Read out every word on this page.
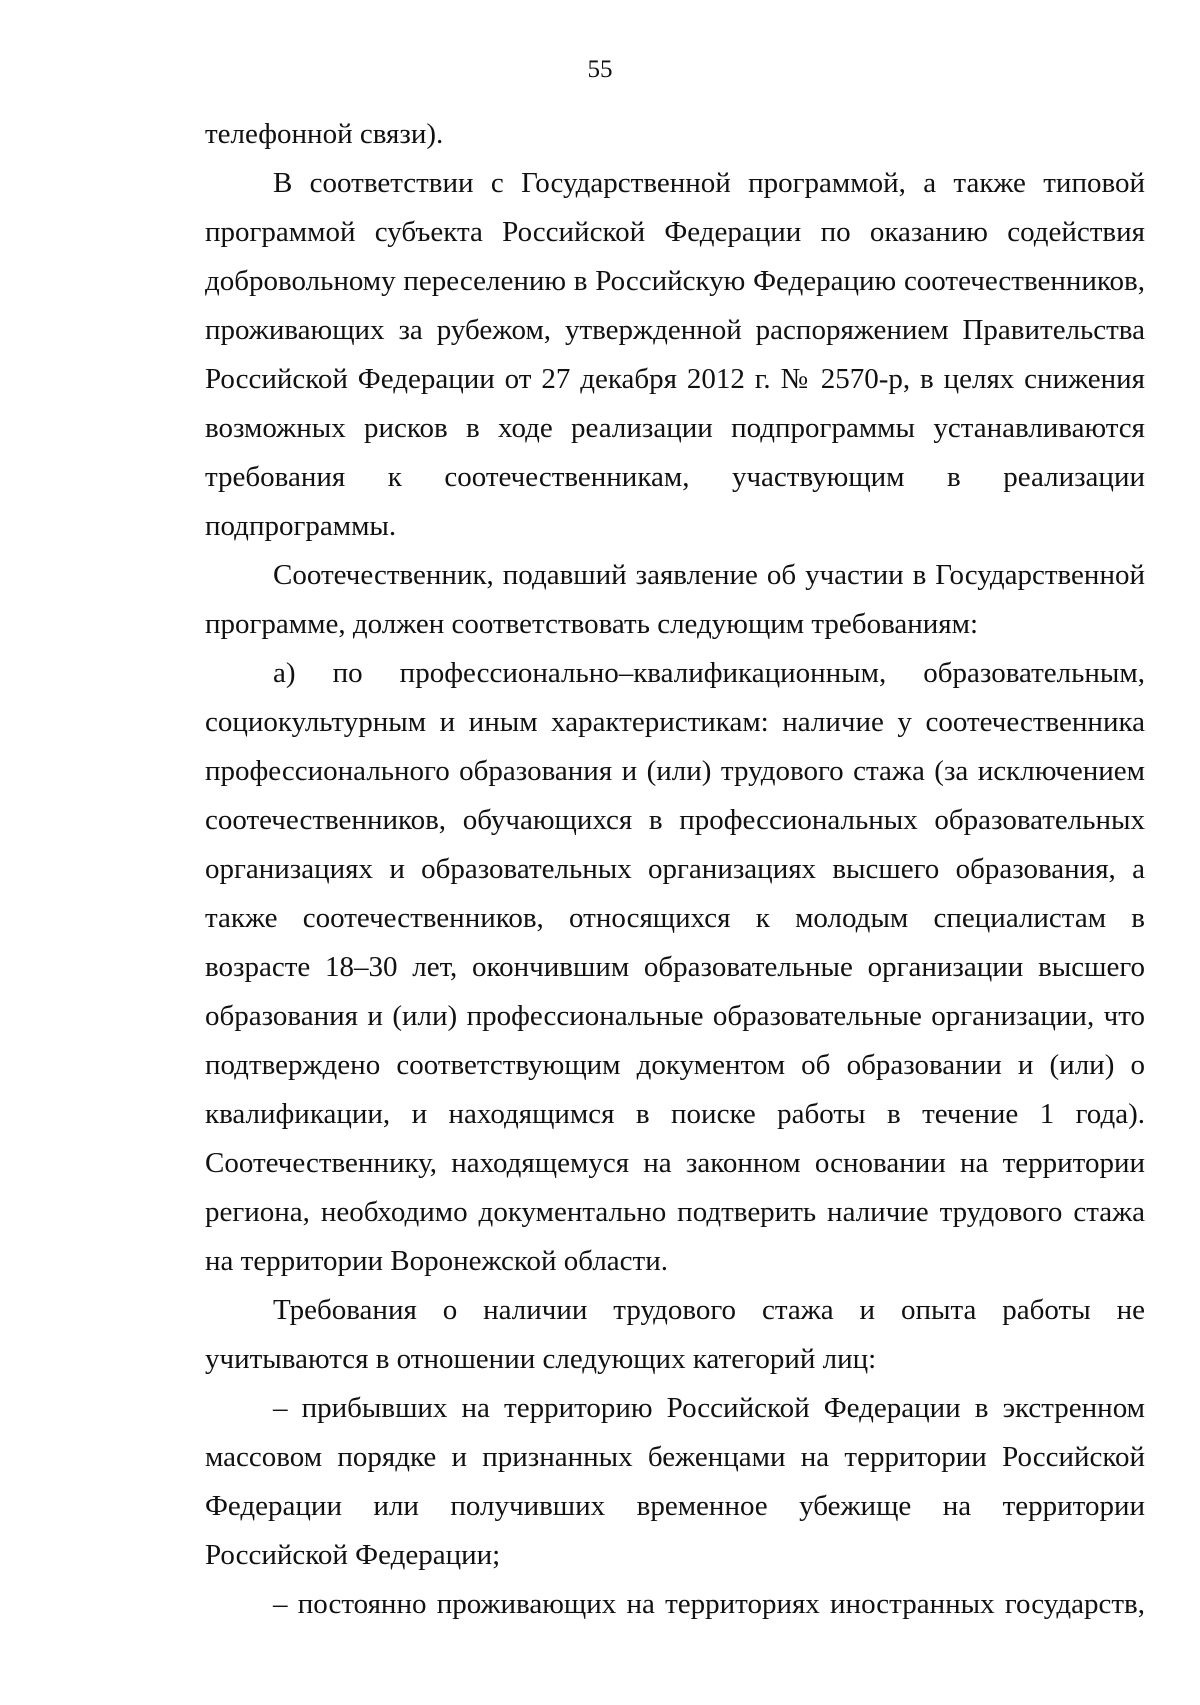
55

телефонной связи).

В соответствии с Государственной программой, а также типовой программой субъекта Российской Федерации по оказанию содействия добровольному переселению в Российскую Федерацию соотечественников, проживающих за рубежом, утвержденной распоряжением Правительства Российской Федерации от 27 декабря 2012 г. № 2570-р, в целях снижения возможных рисков в ходе реализации подпрограммы устанавливаются требования к соотечественникам, участвующим в реализации подпрограммы.

Соотечественник, подавший заявление об участии в Государственной программе, должен соответствовать следующим требованиям:

а) по профессионально–квалификационным, образовательным, социокультурным и иным характеристикам: наличие у соотечественника профессионального образования и (или) трудового стажа (за исключением соотечественников, обучающихся в профессиональных образовательных организациях и образовательных организациях высшего образования, а также соотечественников, относящихся к молодым специалистам в возрасте 18–30 лет, окончившим образовательные организации высшего образования и (или) профессиональные образовательные организации, что подтверждено соответствующим документом об образовании и (или) о квалификации, и находящимся в поиске работы в течение 1 года). Соотечественнику, находящемуся на законном основании на территории региона, необходимо документально подтверить наличие трудового стажа на территории Воронежской области.

Требования о наличии трудового стажа и опыта работы не учитываются в отношении следующих категорий лиц:

– прибывших на территорию Российской Федерации в экстренном массовом порядке и признанных беженцами на территории Российской Федерации или получивших временное убежище на территории Российской Федерации;

– постоянно проживающих на территориях иностранных государств,
